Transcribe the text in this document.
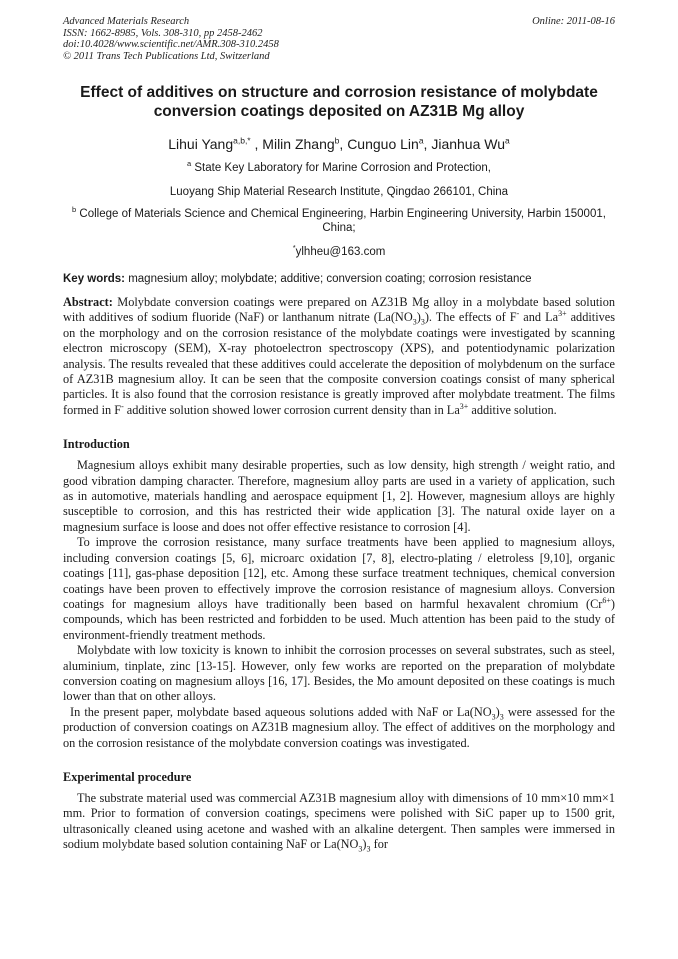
Advanced Materials Research
ISSN: 1662-8985, Vols. 308-310, pp 2458-2462
doi:10.4028/www.scientific.net/AMR.308-310.2458
© 2011 Trans Tech Publications Ltd, Switzerland
Online: 2011-08-16
Effect of additives on structure and corrosion resistance of molybdate
conversion coatings deposited on AZ31B Mg alloy
Lihui Yang$^{a,b,*}$ , Milin Zhang$^b$, Cunguo Lin$^a$, Jianhua Wu$^a$
$^a$ State Key Laboratory for Marine Corrosion and Protection,
Luoyang Ship Material Research Institute, Qingdao 266101, China
$^b$ College of Materials Science and Chemical Engineering, Harbin Engineering University, Harbin 150001, China;
*ylhheu@163.com
Key words: magnesium alloy; molybdate; additive; conversion coating; corrosion resistance
Abstract: Molybdate conversion coatings were prepared on AZ31B Mg alloy in a molybdate based solution with additives of sodium fluoride (NaF) or lanthanum nitrate $(La(NO_3)_3)$. The effects of F- and $La^{3+}$ additives on the morphology and on the corrosion resistance of the molybdate coatings were investigated by scanning electron microscopy (SEM), X-ray photoelectron spectroscopy (XPS), and potentiodynamic polarization analysis. The results revealed that these additives could accelerate the deposition of molybdenum on the surface of AZ31B magnesium alloy. It can be seen that the composite conversion coatings consist of many spherical particles. It is also found that the corrosion resistance is greatly improved after molybdate treatment. The films formed in F- additive solution showed lower corrosion current density than in $La^{3+}$ additive solution.
Introduction

Magnesium alloys exhibit many desirable properties, such as low density, high strength / weight ratio, and good vibration damping character. Therefore, magnesium alloy parts are used in a variety of application, such as in automotive, materials handling and aerospace equipment [1, 2]. However, magnesium alloys are highly susceptible to corrosion, and this has restricted their wide application [3]. The natural oxide layer on a magnesium surface is loose and does not offer effective resistance to corrosion [4].

To improve the corrosion resistance, many surface treatments have been applied to magnesium alloys, including conversion coatings [5, 6], microarc oxidation [7, 8], electro-plating / eletroless [9,10], organic coatings [11], gas-phase deposition [12], etc. Among these surface treatment techniques, chemical conversion coatings have been proven to effectively improve the corrosion resistance of magnesium alloys. Conversion coatings for magnesium alloys have traditionally been based on harmful hexavalent chromium $(Cr^{6+})$ compounds, which has been restricted and forbidden to be used. Much attention has been paid to the study of environment-friendly treatment methods.

Molybdate with low toxicity is known to inhibit the corrosion processes on several substrates, such as steel, aluminium, tinplate, zinc [13-15]. However, only few works are reported on the preparation of molybdate conversion coating on magnesium alloys [16, 17]. Besides, the Mo amount deposited on these coatings is much lower than that on other alloys.

In the present paper, molybdate based aqueous solutions added with NaF or $La(NO_3)_3$ were assessed for the production of conversion coatings on AZ31B magnesium alloy. The effect of additives on the morphology and on the corrosion resistance of the molybdate conversion coatings was investigated.

Experimental procedure

The substrate material used was commercial AZ31B magnesium alloy with dimensions of 10 mm×10 mm×1 mm. Prior to formation of conversion coatings, specimens were polished with SiC paper up to 1500 grit, ultrasonically cleaned using acetone and washed with an alkaline detergent. Then samples were immersed in sodium molybdate based solution containing NaF or $La(NO_3)_3$ for
